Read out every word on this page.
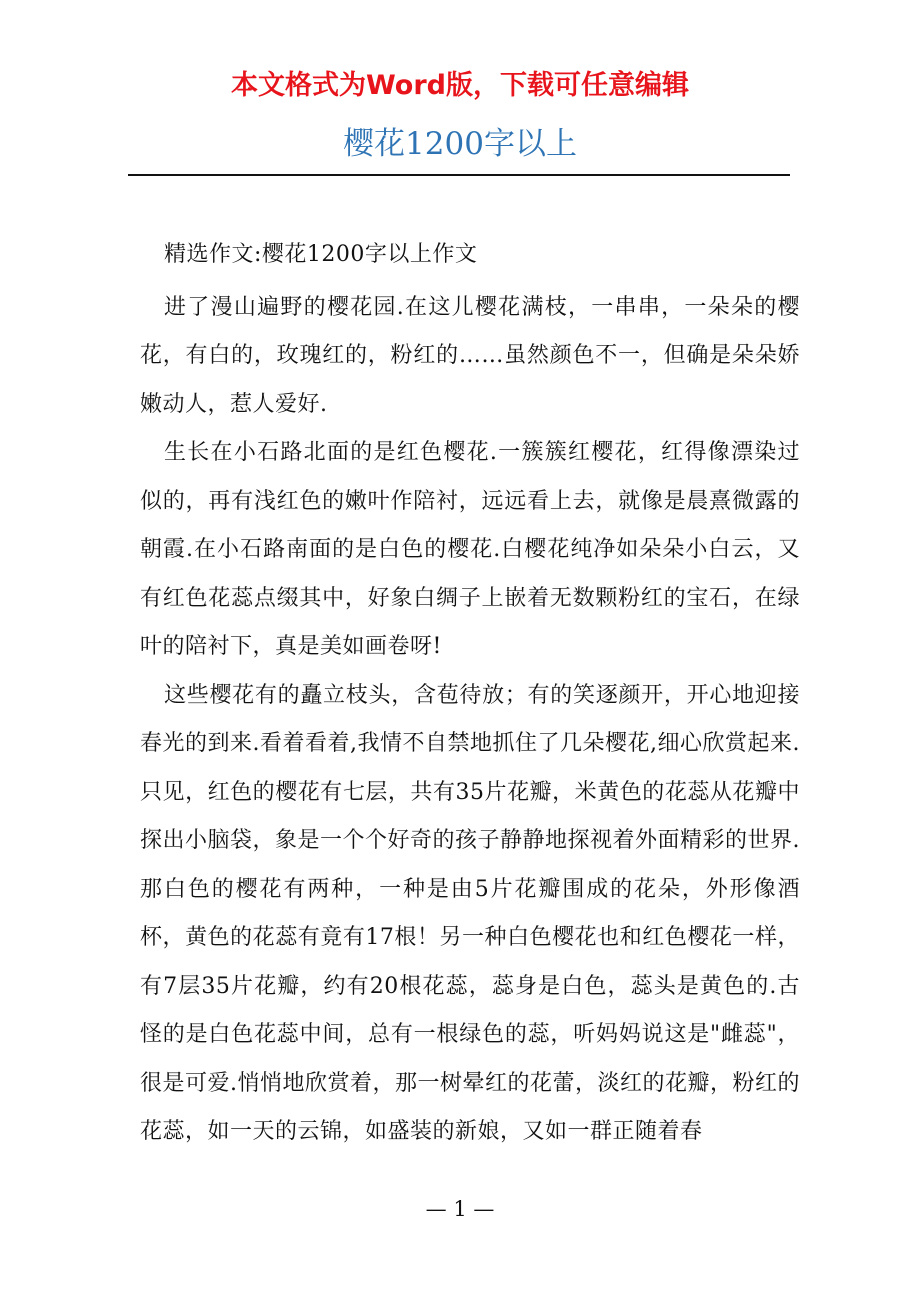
本文格式为Word版，下载可任意编辑
樱花1200字以上

精选作文:樱花1200字以上作文

进了漫山遍野的樱花园.在这儿樱花满枝，一串串，一朵朵的樱花，有白的，玫瑰红的，粉红的……虽然颜色不一，但确是朵朵娇嫩动人，惹人爱好.

生长在小石路北面的是红色樱花.一簇簇红樱花，红得像漂染过似的，再有浅红色的嫩叶作陪衬，远远看上去，就像是晨熹微露的朝霞.在小石路南面的是白色的樱花.白樱花纯净如朵朵小白云，又有红色花蕊点缀其中，好象白绸子上嵌着无数颗粉红的宝石，在绿叶的陪衬下，真是美如画卷呀!

这些樱花有的矗立枝头，含苞待放；有的笑逐颜开，开心地迎接春光的到来.看着看着,我情不自禁地抓住了几朵樱花,细心欣赏起来.只见，红色的樱花有七层，共有35片花瓣，米黄色的花蕊从花瓣中探出小脑袋，象是一个个好奇的孩子静静地探视着外面精彩的世界.那白色的樱花有两种，一种是由5片花瓣围成的花朵，外形像酒杯，黄色的花蕊有竟有17根！另一种白色樱花也和红色樱花一样，有7层35片花瓣，约有20根花蕊，蕊身是白色，蕊头是黄色的.古怪的是白色花蕊中间，总有一根绿色的蕊，听妈妈说这是"雌蕊"，很是可爱.悄悄地欣赏着，那一树晕红的花蕾，淡红的花瓣，粉红的花蕊，如一天的云锦，如盛装的新娘，又如一群正随着春

— 1 —
